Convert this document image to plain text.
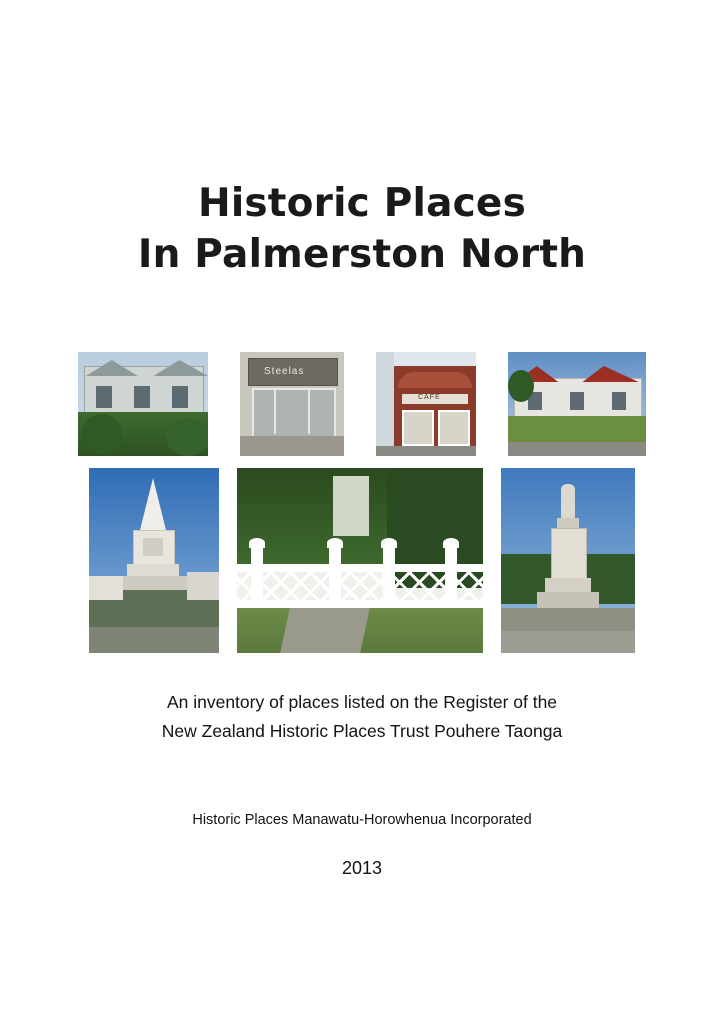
Historic Places
In Palmerston North
Steelas
CAFE
An inventory of places listed on the Register of the
New Zealand Historic Places Trust Pouhere Taonga
Historic Places Manawatu-Horowhenua Incorporated
2013
